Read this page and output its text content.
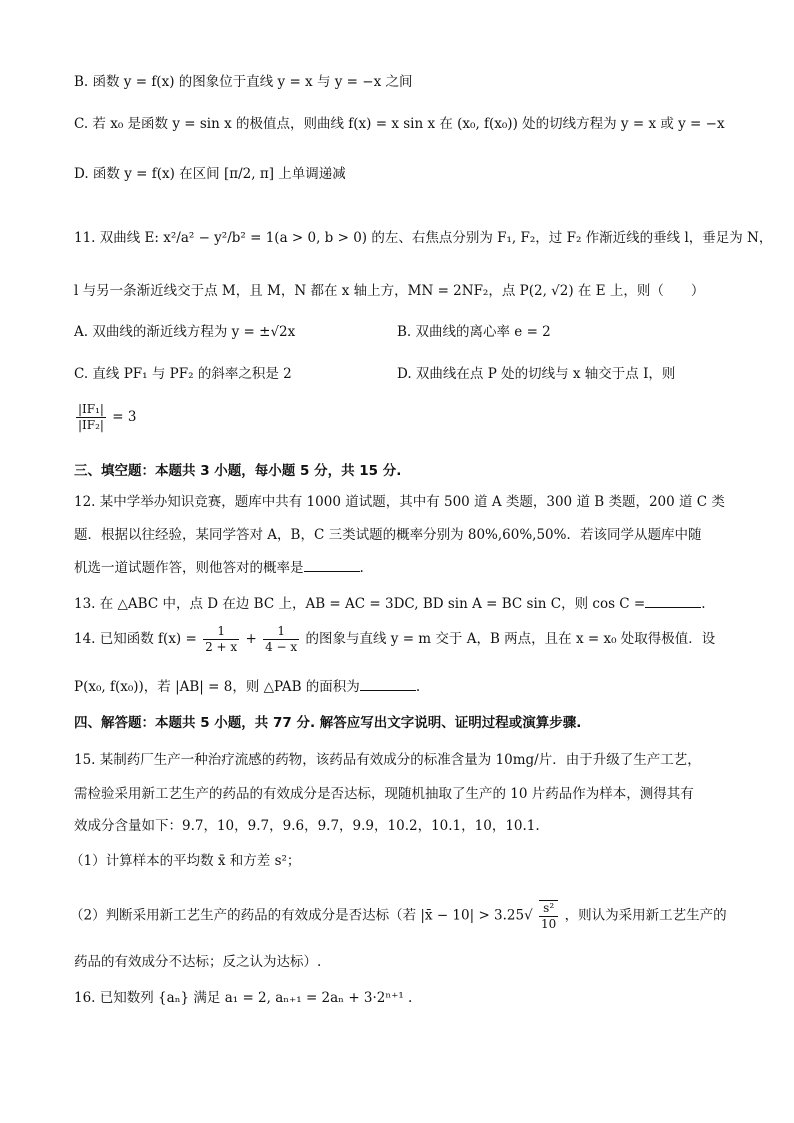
B. 函数 y = f(x) 的图象位于直线 y = x 与 y = −x 之间
C. 若 x₀ 是函数 y = sin x 的极值点，则曲线 f(x) = x sin x 在 (x₀, f(x₀)) 处的切线方程为 y = x 或 y = −x
D. 函数 y = f(x) 在区间 [π/2, π] 上单调递减
11. 双曲线 E: x²/a² − y²/b² = 1(a > 0, b > 0) 的左、右焦点分别为 F₁, F₂，过 F₂ 作渐近线的垂线 l，垂足为 N，
l 与另一条渐近线交于点 M，且 M，N 都在 x 轴上方，MN = 2NF₂，点 P(2, √2) 在 E 上，则（　　）
A. 双曲线的渐近线方程为 y = ±√2x	B. 双曲线的离心率 e = 2
C. 直线 PF₁ 与 PF₂ 的斜率之积是 2	D. 双曲线在点 P 处的切线与 x 轴交于点 I，则
$\frac{\text{|IF₁|}}{\text{|IF₂|}} = 3$
三、填空题：本题共 3 小题，每小题 5 分，共 15 分.
12. 某中学举办知识竞赛，题库中共有 1000 道试题，其中有 500 道 A 类题，300 道 B 类题，200 道 C 类
题．根据以往经验，某同学答对 A，B，C 三类试题的概率分别为 80%,60%,50%．若该同学从题库中随
机选一道试题作答，则他答对的概率是	.
13. 在 △ABC 中，点 D 在边 BC 上，AB = AC = 3DC, BD sin A = BC sin C，则 cos C =	.
14. 已知函数 $f(x) = \frac{1}{2 + x} + \frac{1}{4 - x}$ 的图象与直线 y = m 交于 A，B 两点，且在 x = x₀ 处取得极值．设
P(x₀, f(x₀))，若 |AB| = 8，则 △PAB 的面积为	.
四、解答题：本题共 5 小题，共 77 分. 解答应写出文字说明、证明过程或演算步骤.
15. 某制药厂生产一种治疗流感的药物，该药品有效成分的标准含量为 10mg/片．由于升级了生产工艺，
需检验采用新工艺生产的药品的有效成分是否达标，现随机抽取了生产的 10 片药品作为样本，测得其有
效成分含量如下：9.7，10，9.7，9.6，9.7，9.9，10.2，10.1，10，10.1.
（1）计算样本的平均数 x̄ 和方差 s²；
（2）判断采用新工艺生产的药品的有效成分是否达标（若 |x̄ − $10| > 3.25√ \frac{\text{s²}}{10}$ ，则认为采用新工艺生产的
药品的有效成分不达标；反之认为达标）.
16. 已知数列 {aₙ} 满足 a₁ = 2, aₙ₊₁ = 2aₙ + 3·2ⁿ⁺¹ .
